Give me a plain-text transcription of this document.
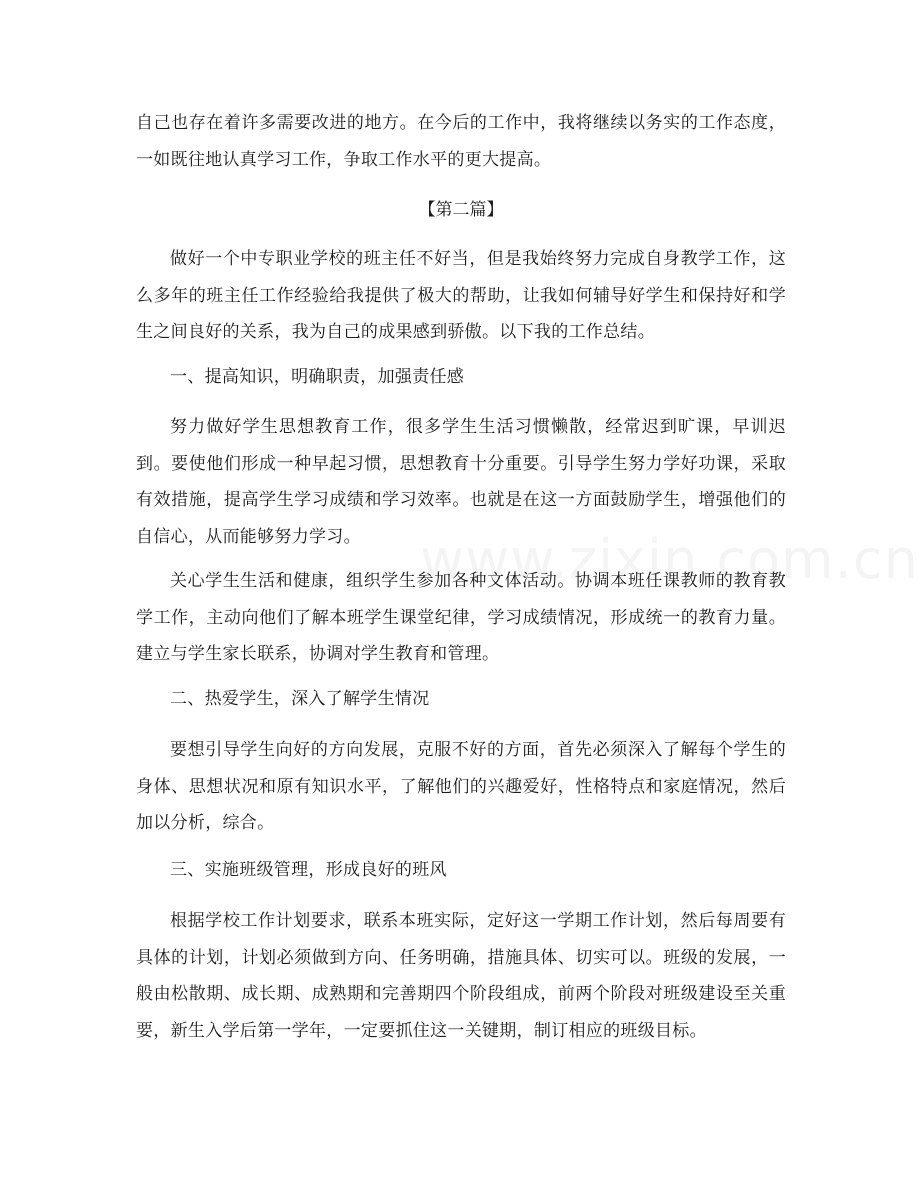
自己也存在着许多需要改进的地方。在今后的工作中，我将继续以务实的工作态度，一如既往地认真学习工作，争取工作水平的更大提高。

【第二篇】

做好一个中专职业学校的班主任不好当，但是我始终努力完成自身教学工作，这么多年的班主任工作经验给我提供了极大的帮助，让我如何辅导好学生和保持好和学生之间良好的关系，我为自己的成果感到骄傲。以下我的工作总结。

一、提高知识，明确职责，加强责任感

努力做好学生思想教育工作，很多学生生活习惯懒散，经常迟到旷课，早训迟到。要使他们形成一种早起习惯，思想教育十分重要。引导学生努力学好功课，采取有效措施，提高学生学习成绩和学习效率。也就是在这一方面鼓励学生，增强他们的自信心，从而能够努力学习。

关心学生生活和健康，组织学生参加各种文体活动。协调本班任课教师的教育教学工作，主动向他们了解本班学生课堂纪律，学习成绩情况，形成统一的教育力量。建立与学生家长联系，协调对学生教育和管理。

二、热爱学生，深入了解学生情况

要想引导学生向好的方向发展，克服不好的方面，首先必须深入了解每个学生的身体、思想状况和原有知识水平，了解他们的兴趣爱好，性格特点和家庭情况，然后加以分析，综合。

三、实施班级管理，形成良好的班风

根据学校工作计划要求，联系本班实际，定好这一学期工作计划，然后每周要有具体的计划，计划必须做到方向、任务明确，措施具体、切实可以。班级的发展，一般由松散期、成长期、成熟期和完善期四个阶段组成，前两个阶段对班级建设至关重要，新生入学后第一学年，一定要抓住这一关键期，制订相应的班级目标。
